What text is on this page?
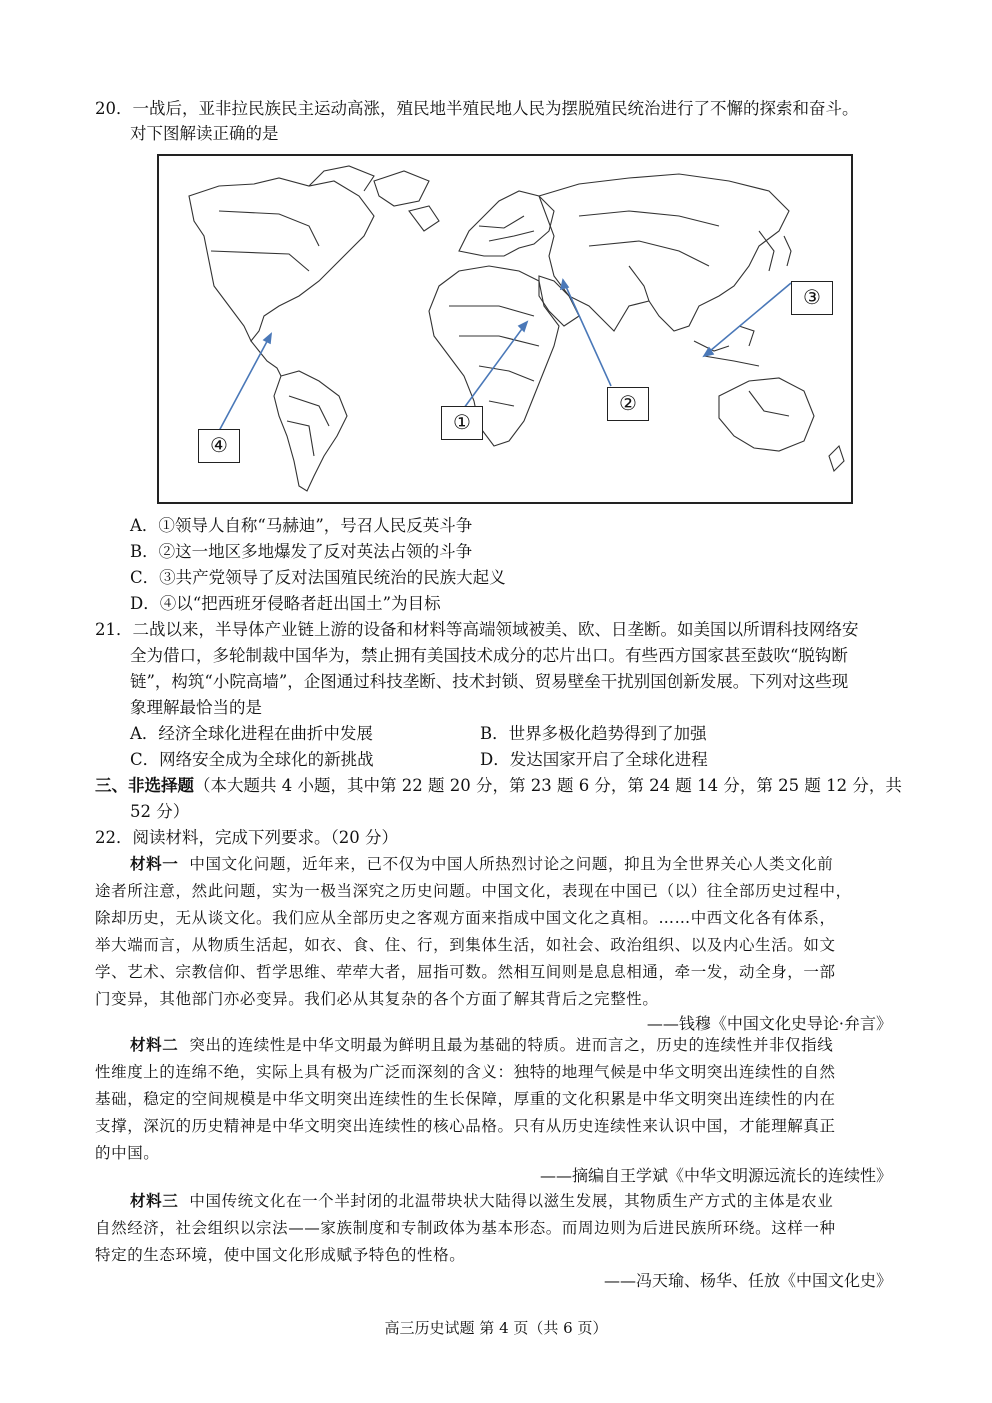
20．一战后，亚非拉民族民主运动高涨，殖民地半殖民地人民为摆脱殖民统治进行了不懈的探索和奋斗。
对下图解读正确的是
①
②
③
④
A．①领导人自称“马赫迪”，号召人民反英斗争
B．②这一地区多地爆发了反对英法占领的斗争
C．③共产党领导了反对法国殖民统治的民族大起义
D．④以“把西班牙侵略者赶出国土”为目标
21．二战以来，半导体产业链上游的设备和材料等高端领域被美、欧、日垄断。如美国以所谓科技网络安
全为借口，多轮制裁中国华为，禁止拥有美国技术成分的芯片出口。有些西方国家甚至鼓吹“脱钩断
链”，构筑“小院高墙”，企图通过科技垄断、技术封锁、贸易壁垒干扰别国创新发展。下列对这些现
象理解最恰当的是
A．经济全球化进程在曲折中发展	B．世界多极化趋势得到了加强
C．网络安全成为全球化的新挑战	D．发达国家开启了全球化进程
三、非选择题（本大题共 4 小题，其中第 22 题 20 分，第 23 题 6 分，第 24 题 14 分，第 25 题 12 分，共
52 分）
22．阅读材料，完成下列要求。（20 分）
材料一 中国文化问题，近年来，已不仅为中国人所热烈讨论之问题，抑且为全世界关心人类文化前
途者所注意，然此问题，实为一极当深究之历史问题。中国文化，表现在中国已（以）往全部历史过程中，
除却历史，无从谈文化。我们应从全部历史之客观方面来指成中国文化之真相。……中西文化各有体系，
举大端而言，从物质生活起，如衣、食、住、行，到集体生活，如社会、政治组织、以及内心生活。如文
学、艺术、宗教信仰、哲学思维、荦荦大者，屈指可数。然相互间则是息息相通，牵一发，动全身，一部
门变异，其他部门亦必变异。我们必从其复杂的各个方面了解其背后之完整性。
——钱穆《中国文化史导论·弁言》
材料二 突出的连续性是中华文明最为鲜明且最为基础的特质。进而言之，历史的连续性并非仅指线
性维度上的连绵不绝，实际上具有极为广泛而深刻的含义：独特的地理气候是中华文明突出连续性的自然
基础，稳定的空间规模是中华文明突出连续性的生长保障，厚重的文化积累是中华文明突出连续性的内在
支撑，深沉的历史精神是中华文明突出连续性的核心品格。只有从历史连续性来认识中国，才能理解真正
的中国。
——摘编自王学斌《中华文明源远流长的连续性》
材料三 中国传统文化在一个半封闭的北温带块状大陆得以滋生发展，其物质生产方式的主体是农业
自然经济，社会组织以宗法——家族制度和专制政体为基本形态。而周边则为后进民族所环绕。这样一种
特定的生态环境，使中国文化形成赋予特色的性格。
——冯天瑜、杨华、任放《中国文化史》
高三历史试题 第 4 页（共 6 页）
